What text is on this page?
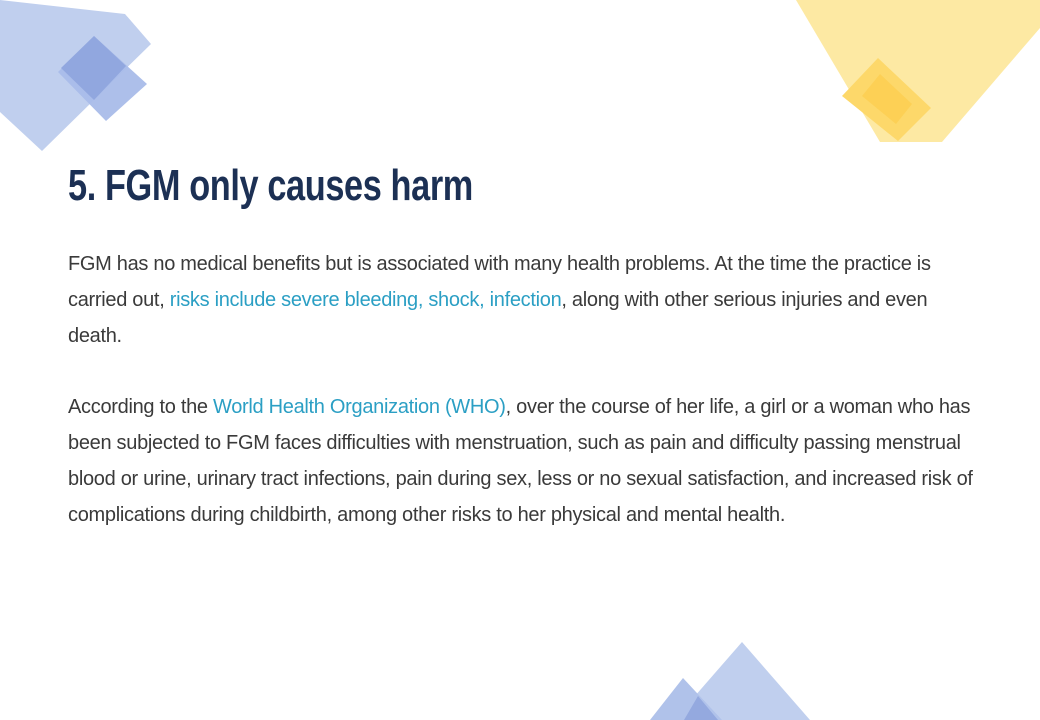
5. FGM only causes harm

FGM has no medical benefits but is associated with many health problems. At the time the practice is carried out, risks include severe bleeding, shock, infection, along with other serious injuries and even death.

According to the World Health Organization (WHO), over the course of her life, a girl or a woman who has been subjected to FGM faces difficulties with menstruation, such as pain and difficulty passing menstrual blood or urine, urinary tract infections, pain during sex, less or no sexual satisfaction, and increased risk of complications during childbirth, among other risks to her physical and mental health.
